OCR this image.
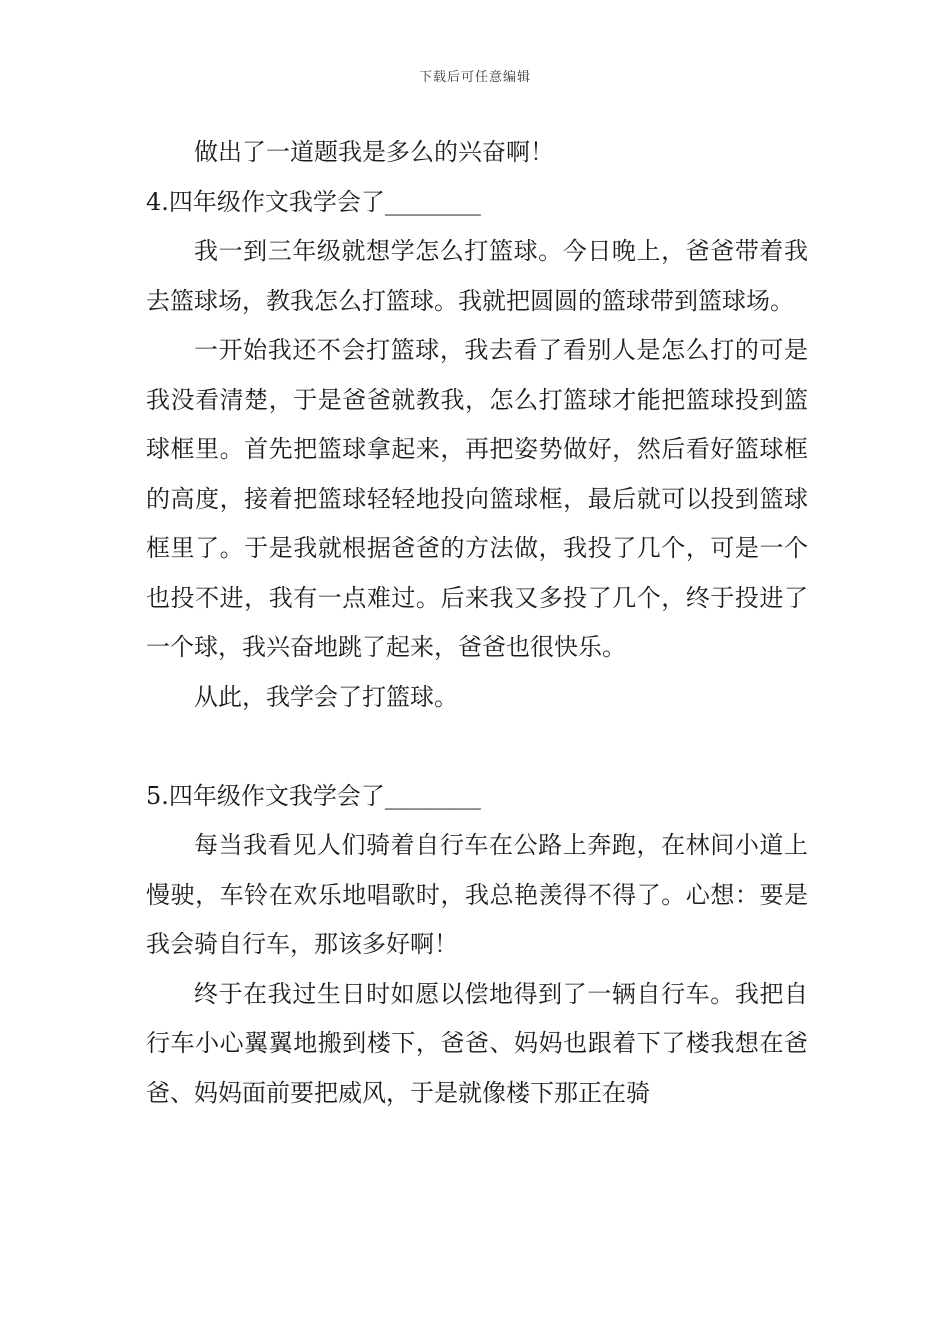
下载后可任意编辑

做出了一道题我是多么的兴奋啊！

4.四年级作文我学会了________

我一到三年级就想学怎么打篮球。今日晚上，爸爸带着我去篮球场，教我怎么打篮球。我就把圆圆的篮球带到篮球场。

一开始我还不会打篮球，我去看了看别人是怎么打的可是我没看清楚，于是爸爸就教我，怎么打篮球才能把篮球投到篮球框里。首先把篮球拿起来，再把姿势做好，然后看好篮球框的高度，接着把篮球轻轻地投向篮球框，最后就可以投到篮球框里了。于是我就根据爸爸的方法做，我投了几个，可是一个也投不进，我有一点难过。后来我又多投了几个，终于投进了一个球，我兴奋地跳了起来，爸爸也很快乐。

从此，我学会了打篮球。

5.四年级作文我学会了________

每当我看见人们骑着自行车在公路上奔跑，在林间小道上慢驶，车铃在欢乐地唱歌时，我总艳羡得不得了。心想：要是我会骑自行车，那该多好啊！

终于在我过生日时如愿以偿地得到了一辆自行车。我把自行车小心翼翼地搬到楼下，爸爸、妈妈也跟着下了楼我想在爸爸、妈妈面前要把威风，于是就像楼下那正在骑
